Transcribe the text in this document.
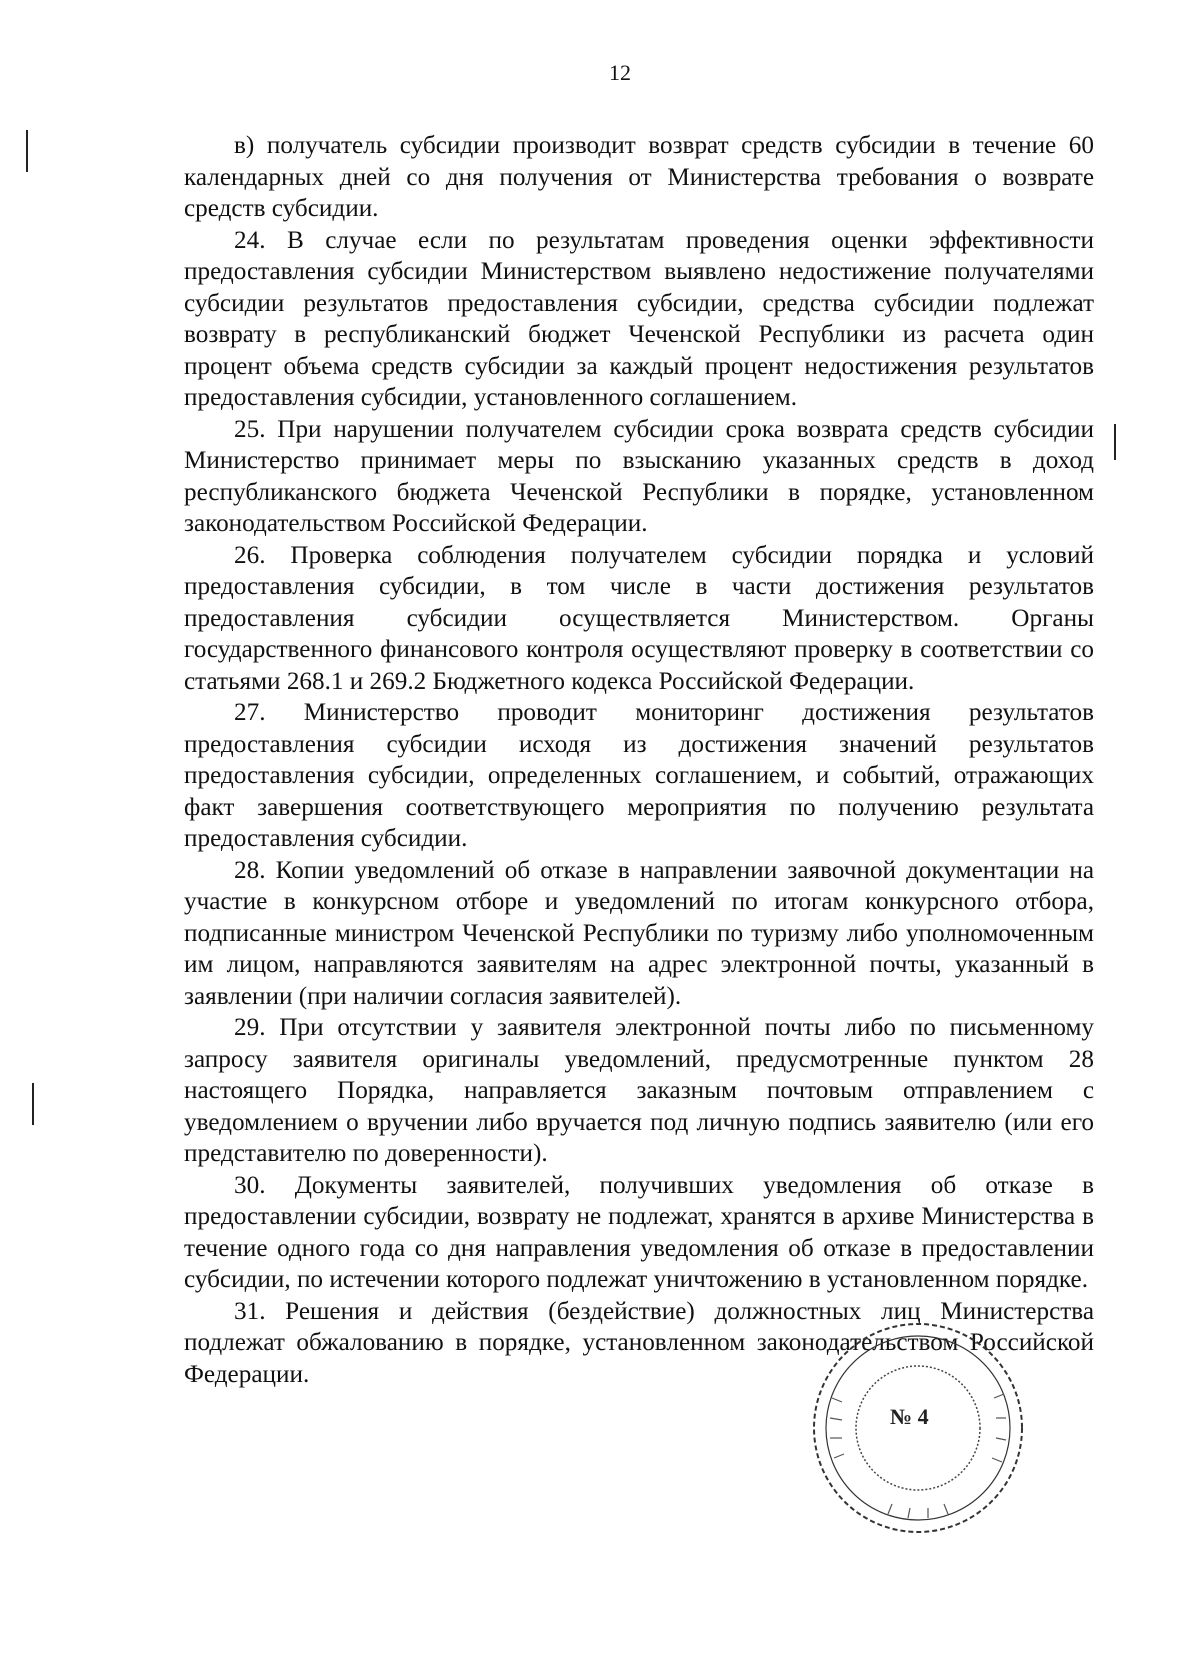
12

в) получатель субсидии производит возврат средств субсидии в течение 60 календарных дней со дня получения от Министерства требования о возврате средств субсидии.

24. В случае если по результатам проведения оценки эффективности предоставления субсидии Министерством выявлено недостижение получателями субсидии результатов предоставления субсидии, средства субсидии подлежат возврату в республиканский бюджет Чеченской Республики из расчета один процент объема средств субсидии за каждый процент недостижения результатов предоставления субсидии, установленного соглашением.

25. При нарушении получателем субсидии срока возврата средств субсидии Министерство принимает меры по взысканию указанных средств в доход республиканского бюджета Чеченской Республики в порядке, установленном законодательством Российской Федерации.

26. Проверка соблюдения получателем субсидии порядка и условий предоставления субсидии, в том числе в части достижения результатов предоставления субсидии осуществляется Министерством. Органы государственного финансового контроля осуществляют проверку в соответствии со статьями 268.1 и 269.2 Бюджетного кодекса Российской Федерации.

27. Министерство проводит мониторинг достижения результатов предоставления субсидии исходя из достижения значений результатов предоставления субсидии, определенных соглашением, и событий, отражающих факт завершения соответствующего мероприятия по получению результата предоставления субсидии.

28. Копии уведомлений об отказе в направлении заявочной документации на участие в конкурсном отборе и уведомлений по итогам конкурсного отбора, подписанные министром Чеченской Республики по туризму либо уполномоченным им лицом, направляются заявителям на адрес электронной почты, указанный в заявлении (при наличии согласия заявителей).

29. При отсутствии у заявителя электронной почты либо по письменному запросу заявителя оригиналы уведомлений, предусмотренные пунктом 28 настоящего Порядка, направляется заказным почтовым отправлением с уведомлением о вручении либо вручается под личную подпись заявителю (или его представителю по доверенности).

30. Документы заявителей, получивших уведомления об отказе в предоставлении субсидии, возврату не подлежат, хранятся в архиве Министерства в течение одного года со дня направления уведомления об отказе в предоставлении субсидии, по истечении которого подлежат уничтожению в установленном порядке.

31. Решения и действия (бездействие) должностных лиц Министерства подлежат обжалованию в порядке, установленном законодательством Российской Федерации.

№ 4
